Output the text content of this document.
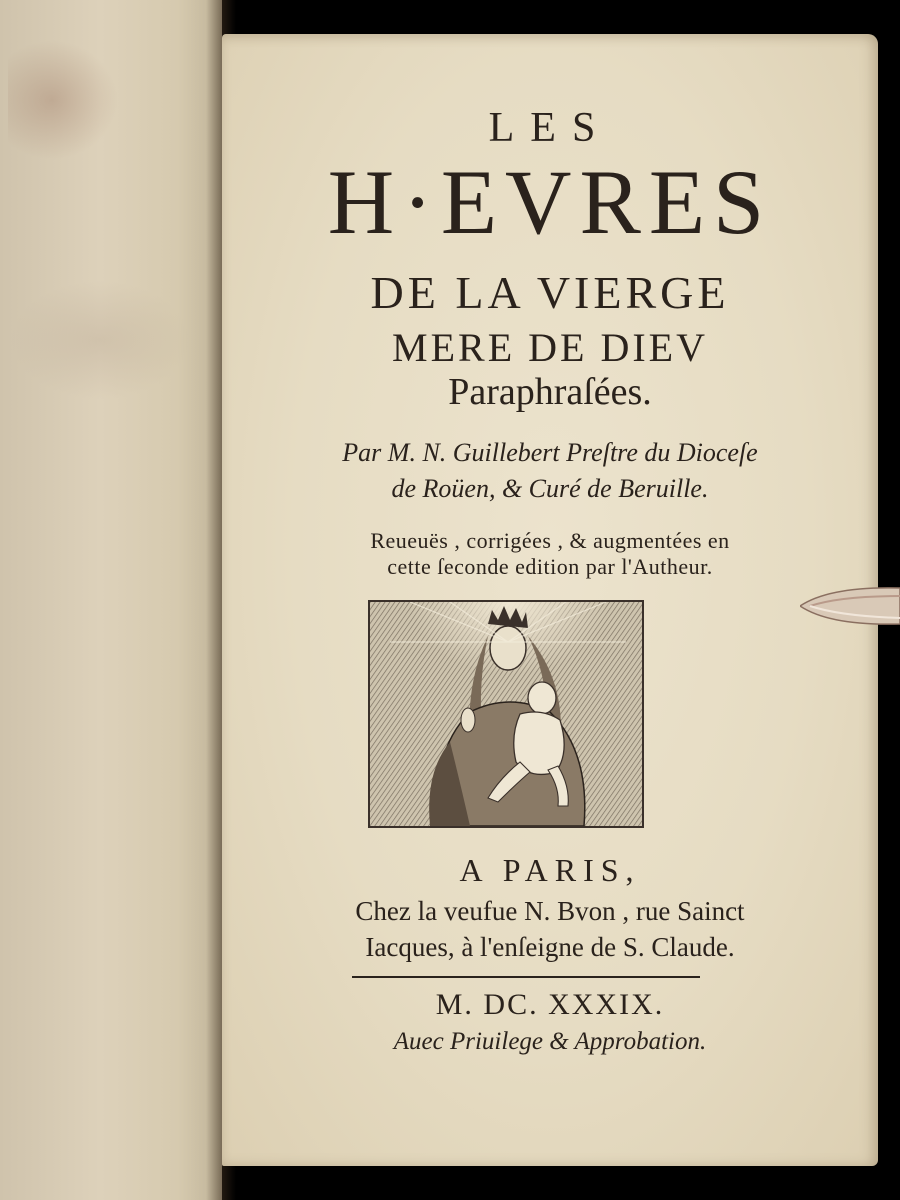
LES
H·EVRES
DE LA VIERGE
MERE DE DIEV
Paraphraſées.
Par M. N. Guillebert Preſtre du Dioceſe
de Roüen, & Curé de Beruille.
Reueuës , corrigées , & augmentées en
cette ſeconde edition par l'Autheur.
A PARIS,
Chez la veufue N. Bvon , rue Sainct
Iacques, à l'enſeigne de S. Claude.
M. DC. XXXIX.
Auec Priuilege & Approbation.
